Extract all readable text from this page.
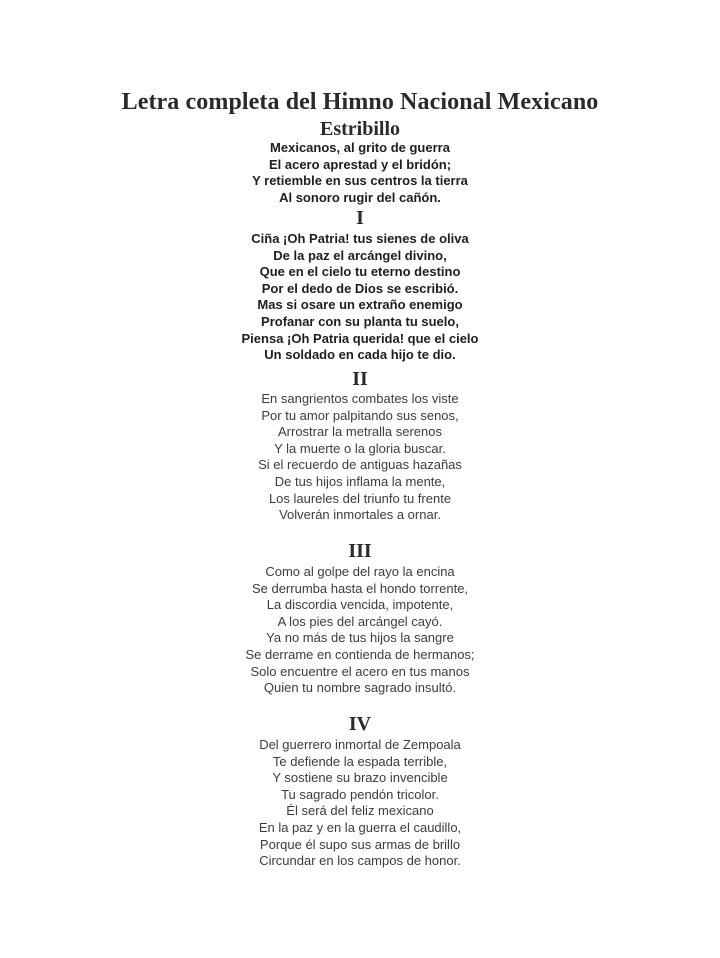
Letra completa del Himno Nacional Mexicano
Estribillo
Mexicanos, al grito de guerra
El acero aprestad y el bridón;
Y retiemble en sus centros la tierra
Al sonoro rugir del cañón.
I
Ciña ¡Oh Patria! tus sienes de oliva
De la paz el arcángel divino,
Que en el cielo tu eterno destino
Por el dedo de Dios se escribió.
Mas si osare un extraño enemigo
Profanar con su planta tu suelo,
Piensa ¡Oh Patria querida! que el cielo
Un soldado en cada hijo te dio.
II
En sangrientos combates los viste
Por tu amor palpitando sus senos,
Arrostrar la metralla serenos
Y la muerte o la gloria buscar.
Si el recuerdo de antiguas hazañas
De tus hijos inflama la mente,
Los laureles del triunfo tu frente
Volverán inmortales a ornar.
III
Como al golpe del rayo la encina
Se derrumba hasta el hondo torrente,
La discordia vencida, impotente,
A los pies del arcángel cayó.
Ya no más de tus hijos la sangre
Se derrame en contienda de hermanos;
Solo encuentre el acero en tus manos
Quien tu nombre sagrado insultó.
IV
Del guerrero inmortal de Zempoala
Te defiende la espada terrible,
Y sostiene su brazo invencible
Tu sagrado pendón tricolor.
Él será del feliz mexicano
En la paz y en la guerra el caudillo,
Porque él supo sus armas de brillo
Circundar en los campos de honor.
